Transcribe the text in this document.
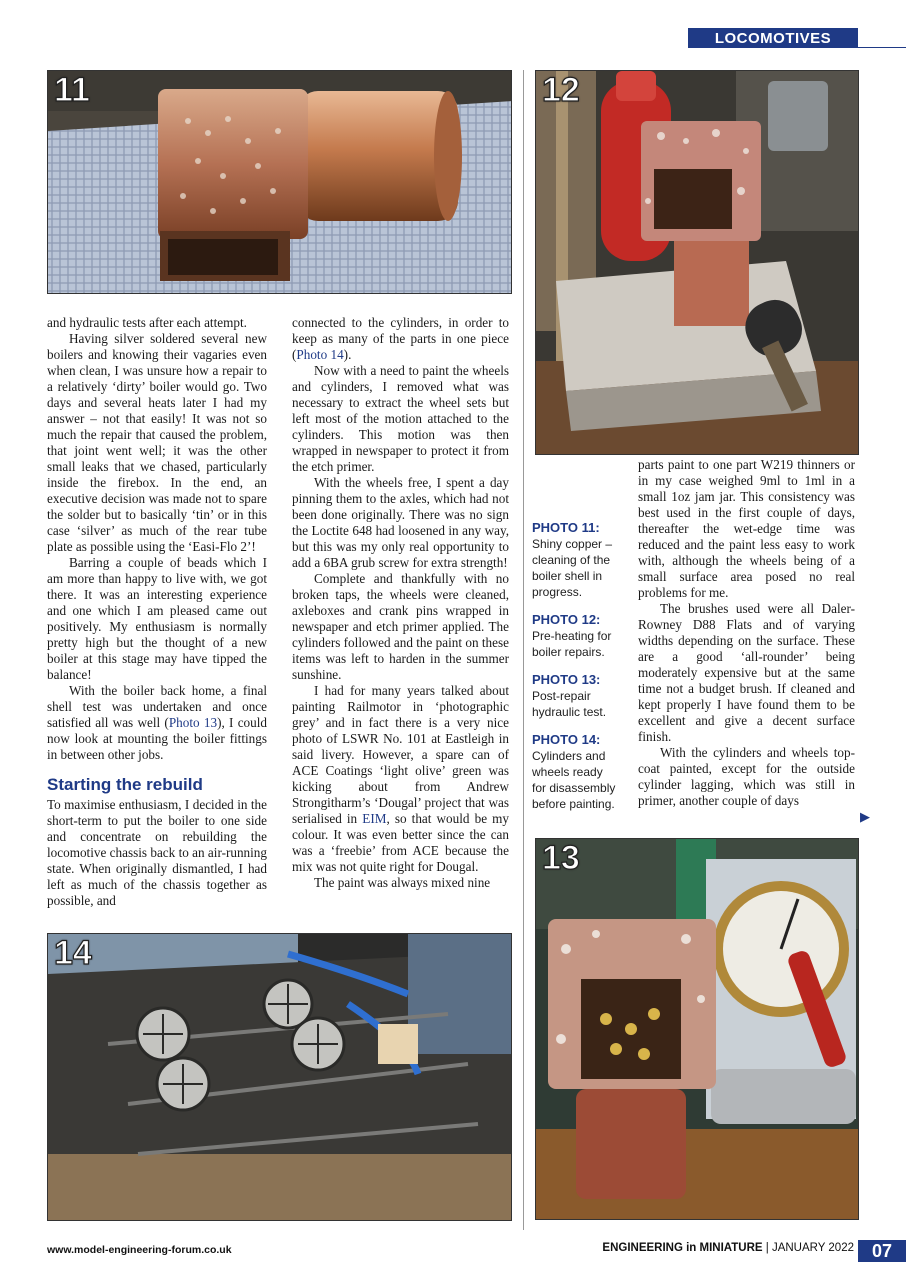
LOCOMOTIVES
11	12

and hydraulic tests after each attempt.

Having silver soldered several new boilers and knowing their vagaries even when clean, I was unsure how a repair to a relatively ‘dirty’ boiler would go. Two days and several heats later I had my answer – not that easily! It was not so much the repair that caused the problem, that joint went well; it was the other small leaks that we chased, particularly inside the firebox. In the end, an executive decision was made not to spare the solder but to basically ‘tin’ or in this case ‘silver’ as much of the rear tube plate as possible using the ‘Easi-Flo 2’!

Barring a couple of beads which I am more than happy to live with, we got there. It was an interesting experience and one which I am pleased came out positively. My enthusiasm is normally pretty high but the thought of a new boiler at this stage may have tipped the balance!

With the boiler back home, a final shell test was undertaken and once satisfied all was well (Photo 13), I could now look at mounting the boiler fittings in between other jobs.

Starting the rebuild

To maximise enthusiasm, I decided in the short-term to put the boiler to one side and concentrate on rebuilding the locomotive chassis back to an air-running state. When originally dismantled, I had left as much of the chassis together as possible, and

connected to the cylinders, in order to keep as many of the parts in one piece (Photo 14).

Now with a need to paint the wheels and cylinders, I removed what was necessary to extract the wheel sets but left most of the motion attached to the cylinders. This motion was then wrapped in newspaper to protect it from the etch primer.

With the wheels free, I spent a day pinning them to the axles, which had not been done originally. There was no sign the Loctite 648 had loosened in any way, but this was my only real opportunity to add a 6BA grub screw for extra strength!

Complete and thankfully with no broken taps, the wheels were cleaned, axleboxes and crank pins wrapped in newspaper and etch primer applied. The cylinders followed and the paint on these items was left to harden in the summer sunshine.

I had for many years talked about painting Railmotor in ‘photographic grey’ and in fact there is a very nice photo of LSWR No. 101 at Eastleigh in said livery. However, a spare can of ACE Coatings ‘light olive’ green was kicking about from Andrew Strongitharm’s ‘Dougal’ project that was serialised in EIM, so that would be my colour. It was even better since the can was a ‘freebie’ from ACE because the mix was not quite right for Dougal.

The paint was always mixed nine

PHOTO 11:
Shiny copper – cleaning of the boiler shell in progress.
PHOTO 12:
Pre-heating for boiler repairs.
PHOTO 13:
Post-repair hydraulic test.
PHOTO 14:
Cylinders and wheels ready for disassembly before painting.

parts paint to one part W219 thinners or in my case weighed 9ml to 1ml in a small 1oz jam jar. This consistency was best used in the first couple of days, thereafter the wet-edge time was reduced and the paint less easy to work with, although the wheels being of a small surface area posed no real problems for me.

The brushes used were all Daler-Rowney D88 Flats and of varying widths depending on the surface. These are a good ‘all-rounder’ being moderately expensive but at the same time not a budget brush. If cleaned and kept properly I have found them to be excellent and give a decent surface finish.

With the cylinders and wheels top-coat painted, except for the outside cylinder lagging, which was still in primer, another couple of days

▶
13
14
www.model-engineering-forum.co.uk	ENGINEERING in MINIATURE | JANUARY 2022 07
